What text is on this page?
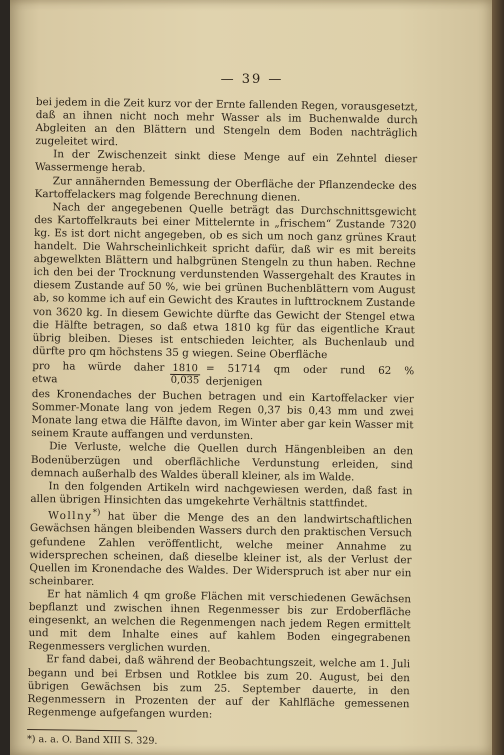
— 39 —

bei jedem in die Zeit kurz vor der Ernte fallenden Regen, vorausgesetzt, daß an ihnen nicht noch mehr Wasser als im Buchenwalde durch Abgleiten an den Blättern und Stengeln dem Boden nachträglich zugeleitet wird.

In der Zwischenzeit sinkt diese Menge auf ein Zehntel dieser Wassermenge herab.

Zur annähernden Bemessung der Oberfläche der Pflanzendecke des Kartoffelackers mag folgende Berechnung dienen.

Nach der angegebenen Quelle beträgt das Durchschnittsgewicht des Kartoffelkrauts bei einer Mittelernte in „frischem“ Zustande 7320 kg. Es ist dort nicht angegeben, ob es sich um noch ganz grünes Kraut handelt. Die Wahrscheinlichkeit spricht dafür, daß wir es mit bereits abgewelkten Blättern und halbgrünen Stengeln zu thun haben. Rechne ich den bei der Trocknung verdunstenden Wassergehalt des Krautes in diesem Zustande auf 50 %, wie bei grünen Buchenblättern vom August ab, so komme ich auf ein Gewicht des Krautes in lufttrocknem Zustande von 3620 kg. In diesem Gewichte dürfte das Gewicht der Stengel etwa die Hälfte betragen, so daß etwa 1810 kg für das eigentliche Kraut übrig bleiben. Dieses ist entschieden leichter, als Buchenlaub und dürfte pro qm höchstens 35 g wiegen. Seine Oberfläche

pro ha würde daher etwa	$\frac{1810}{0,035} = 51714$ qm oder rund 62 % derjenigen

des Kronendaches der Buchen betragen und ein Kartoffelacker vier Sommer-Monate lang von jedem Regen 0,37 bis 0,43 mm und zwei Monate lang etwa die Hälfte davon, im Winter aber gar kein Wasser mit seinem Kraute auffangen und verdunsten.

Die Verluste, welche die Quellen durch Hängenbleiben an den Bodenüberzügen und oberflächliche Verdunstung erleiden, sind demnach außerhalb des Waldes überall kleiner, als im Walde.

In den folgenden Artikeln wird nachgewiesen werden, daß fast in allen übrigen Hinsichten das umgekehrte Verhältnis stattfindet.

Wollny*) hat über die Menge des an den landwirtschaftlichen Gewächsen hängen bleibenden Wassers durch den praktischen Versuch gefundene Zahlen veröffentlicht, welche meiner Annahme zu widersprechen scheinen, daß dieselbe kleiner ist, als der Verlust der Quellen im Kronendache des Waldes. Der Widerspruch ist aber nur ein scheinbarer.

Er hat nämlich 4 qm große Flächen mit verschiedenen Gewächsen bepflanzt und zwischen ihnen Regenmesser bis zur Erdoberfläche eingesenkt, an welchen die Regenmengen nach jedem Regen ermittelt und mit dem Inhalte eines auf kahlem Boden eingegrabenen Regenmessers verglichen wurden.

Er fand dabei, daß während der Beobachtungszeit, welche am 1. Juli begann und bei Erbsen und Rotklee bis zum 20. August, bei den übrigen Gewächsen bis zum 25. September dauerte, in den Regenmessern in Prozenten der auf der Kahlfläche gemessenen Regenmenge aufgefangen wurden:

*) a. a. O. Band XIII S. 329.
